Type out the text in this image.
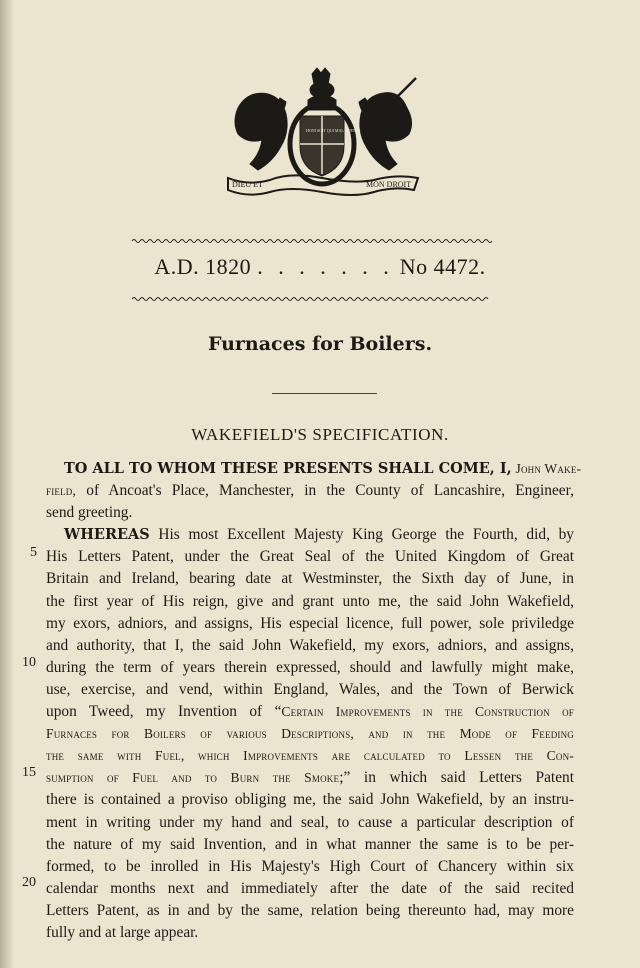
DIEU ET	MON DROIT
HONI SOIT QUI MAL Y PENSE
A.D. 1820 . . . . . . . No 4472.
Furnaces for Boilers.
WAKEFIELD'S SPECIFICATION.
5
10
15
20
TO ALL TO WHOM THESE PRESENTS SHALL COME, I, John Wake-
field, of Ancoat's Place, Manchester, in the County of Lancashire, Engineer,
send greeting.
WHEREAS His most Excellent Majesty King George the Fourth, did, by
His Letters Patent, under the Great Seal of the United Kingdom of Great
Britain and Ireland, bearing date at Westminster, the Sixth day of June, in
the first year of His reign, give and grant unto me, the said John Wakefield,
my exors, adniors, and assigns, His especial licence, full power, sole priviledge
and authority, that I, the said John Wakefield, my exors, adniors, and assigns,
during the term of years therein expressed, should and lawfully might make,
use, exercise, and vend, within England, Wales, and the Town of Berwick
upon Tweed, my Invention of “Certain Improvements in the Construction of
Furnaces for Boilers of various Descriptions, and in the Mode of Feeding
the same with Fuel, which Improvements are calculated to Lessen the Con-
sumption of Fuel and to Burn the Smoke;” in which said Letters Patent
there is contained a proviso obliging me, the said John Wakefield, by an instru-
ment in writing under my hand and seal, to cause a particular description of
the nature of my said Invention, and in what manner the same is to be per-
formed, to be inrolled in His Majesty's High Court of Chancery within six
calendar months next and immediately after the date of the said recited
Letters Patent, as in and by the same, relation being thereunto had, may more
fully and at large appear.
